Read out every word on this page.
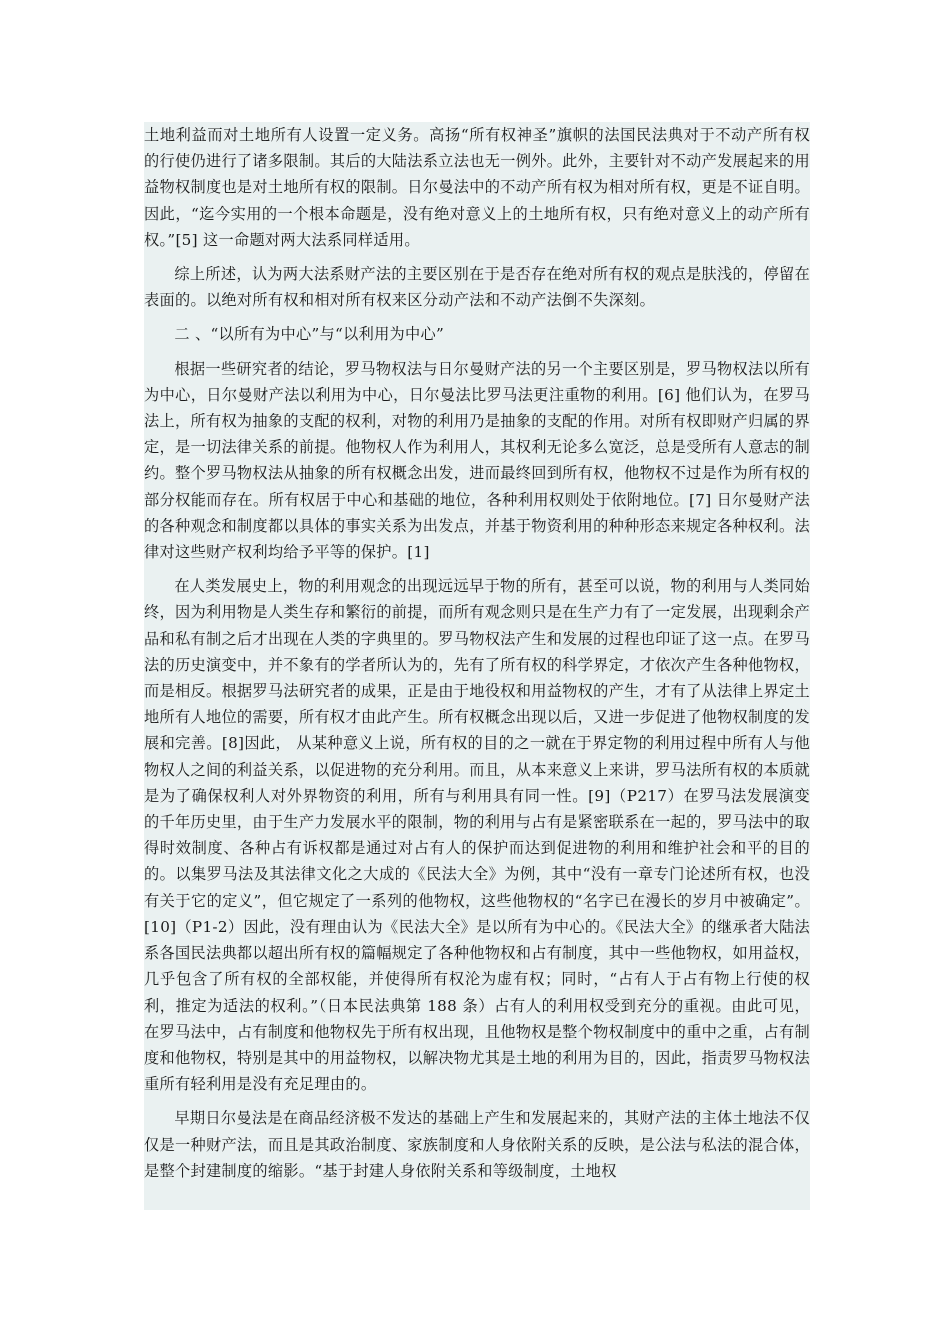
土地利益而对土地所有人设置一定义务。高扬“所有权神圣”旗帜的法国民法典对于不动产所有权的行使仍进行了诸多限制。其后的大陆法系立法也无一例外。此外，主要针对不动产发展起来的用益物权制度也是对土地所有权的限制。日尔曼法中的不动产所有权为相对所有权，更是不证自明。因此，“迄今实用的一个根本命题是，没有绝对意义上的土地所有权，只有绝对意义上的动产所有权。”[5] 这一命题对两大法系同样适用。

综上所述，认为两大法系财产法的主要区别在于是否存在绝对所有权的观点是肤浅的，停留在表面的。以绝对所有权和相对所有权来区分动产法和不动产法倒不失深刻。

二 、“以所有为中心”与“以利用为中心”

根据一些研究者的结论，罗马物权法与日尔曼财产法的另一个主要区别是，罗马物权法以所有为中心，日尔曼财产法以利用为中心，日尔曼法比罗马法更注重物的利用。[6] 他们认为，在罗马法上，所有权为抽象的支配的权利，对物的利用乃是抽象的支配的作用。对所有权即财产归属的界定，是一切法律关系的前提。他物权人作为利用人，其权利无论多么宽泛，总是受所有人意志的制约。整个罗马物权法从抽象的所有权概念出发，进而最终回到所有权，他物权不过是作为所有权的部分权能而存在。所有权居于中心和基础的地位，各种利用权则处于依附地位。[7] 日尔曼财产法的各种观念和制度都以具体的事实关系为出发点，并基于物资利用的种种形态来规定各种权利。法律对这些财产权利均给予平等的保护。[1]

在人类发展史上，物的利用观念的出现远远早于物的所有，甚至可以说，物的利用与人类同始终，因为利用物是人类生存和繁衍的前提，而所有观念则只是在生产力有了一定发展，出现剩余产品和私有制之后才出现在人类的字典里的。罗马物权法产生和发展的过程也印证了这一点。在罗马法的历史演变中，并不象有的学者所认为的，先有了所有权的科学界定，才依次产生各种他物权，而是相反。根据罗马法研究者的成果，正是由于地役权和用益物权的产生，才有了从法律上界定土地所有人地位的需要，所有权才由此产生。所有权概念出现以后，又进一步促进了他物权制度的发展和完善。[8]因此， 从某种意义上说，所有权的目的之一就在于界定物的利用过程中所有人与他物权人之间的利益关系，以促进物的充分利用。而且，从本来意义上来讲，罗马法所有权的本质就是为了确保权利人对外界物资的利用，所有与利用具有同一性。[9]（P217）在罗马法发展演变的千年历史里，由于生产力发展水平的限制，物的利用与占有是紧密联系在一起的，罗马法中的取得时效制度、各种占有诉权都是通过对占有人的保护而达到促进物的利用和维护社会和平的目的的。以集罗马法及其法律文化之大成的《民法大全》为例，其中“没有一章专门论述所有权，也没有关于它的定义”，但它规定了一系列的他物权，这些他物权的“名字已在漫长的岁月中被确定”。 [10]（P1-2）因此，没有理由认为《民法大全》是以所有为中心的。《民法大全》的继承者大陆法系各国民法典都以超出所有权的篇幅规定了各种他物权和占有制度，其中一些他物权，如用益权，几乎包含了所有权的全部权能，并使得所有权沦为虚有权；同时，“占有人于占有物上行使的权利，推定为适法的权利。”（日本民法典第 188 条）占有人的利用权受到充分的重视。由此可见，在罗马法中，占有制度和他物权先于所有权出现，且他物权是整个物权制度中的重中之重，占有制度和他物权，特别是其中的用益物权，以解决物尤其是土地的利用为目的，因此，指责罗马物权法重所有轻利用是没有充足理由的。

早期日尔曼法是在商品经济极不发达的基础上产生和发展起来的，其财产法的主体土地法不仅仅是一种财产法，而且是其政治制度、家族制度和人身依附关系的反映，是公法与私法的混合体，是整个封建制度的缩影。“基于封建人身依附关系和等级制度，土地权
